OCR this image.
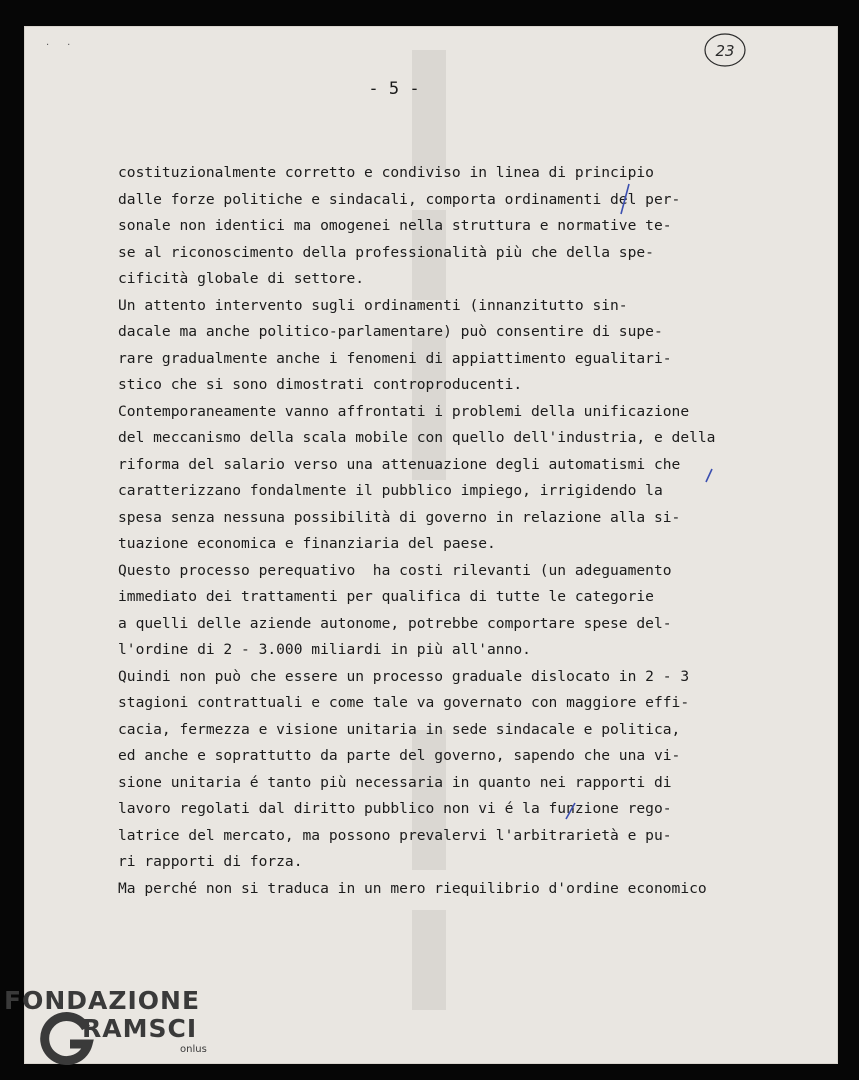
··	23
- 5 -
costituzionalmente corretto e condiviso in linea di principio
dalle forze politiche e sindacali, comporta ordinamenti del per-
sonale non identici ma omogenei nella struttura e normative te-
se al riconoscimento della professionalità più che della spe-
cificità globale di settore.
Un attento intervento sugli ordinamenti (innanzitutto sin-
dacale ma anche politico-parlamentare) può consentire di supe-
rare gradualmente anche i fenomeni di appiattimento egualitari-
stico che si sono dimostrati controproducenti.
Contemporaneamente vanno affrontati i problemi della unificazione
del meccanismo della scala mobile con quello dell'industria, e della
riforma del salario verso una attenuazione degli automatismi che
caratterizzano fondalmente il pubblico impiego, irrigidendo la
spesa senza nessuna possibilità di governo in relazione alla si-
tuazione economica e finanziaria del paese.
Questo processo perequativo  ha costi rilevanti (un adeguamento
immediato dei trattamenti per qualifica di tutte le categorie
a quelli delle aziende autonome, potrebbe comportare spese del-
l'ordine di 2 - 3.000 miliardi in più all'anno.
Quindi non può che essere un processo graduale dislocato in 2 - 3
stagioni contrattuali e come tale va governato con maggiore effi-
cacia, fermezza e visione unitaria in sede sindacale e politica,
ed anche e soprattutto da parte del governo, sapendo che una vi-
sione unitaria é tanto più necessaria in quanto nei rapporti di
lavoro regolati dal diritto pubblico non vi é la funzione rego-
latrice del mercato, ma possono prevalervi l'arbitrarietà e pu-
ri rapporti di forza.
Ma perché non si traduca in un mero riequilibrio d'ordine economico
FONDAZIONE
RAMSCI
onlus
